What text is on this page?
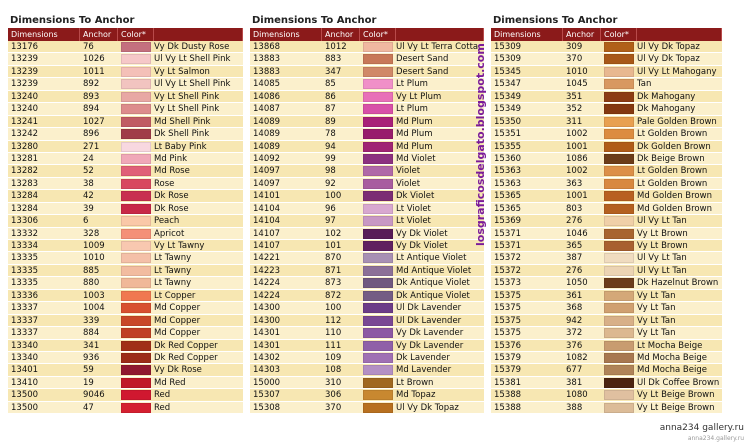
Dimensions To Anchor
Dimensions	Anchor	Color*
13176	76	Vy Dk Dusty Rose
13239	1026	Ul Vy Lt Shell Pink
13239	1011	Vy Lt Salmon
13239	892	Ul Vy Lt Shell Pink
13240	893	Vy Lt Shell Pink
13240	894	Vy Lt Shell Pink
13241	1027	Md Shell Pink
13242	896	Dk Shell Pink
13280	271	Lt Baby Pink
13281	24	Md Pink
13282	52	Md Rose
13283	38	Rose
13284	42	Dk Rose
13284	39	Dk Rose
13306	6	Peach
13332	328	Apricot
13334	1009	Vy Lt Tawny
13335	1010	Lt Tawny
13335	885	Lt Tawny
13335	880	Lt Tawny
13336	1003	Lt Copper
13337	1004	Md Copper
13337	339	Md Copper
13337	884	Md Copper
13340	341	Dk Red Copper
13340	936	Dk Red Copper
13401	59	Vy Dk Rose
13410	19	Md Red
13500	9046	Red
13500	47	Red
Dimensions To Anchor
Dimensions	Anchor	Color*
13868	1012	Ul Vy Lt Terra Cotta
13883	883	Desert Sand
13883	347	Desert Sand
14085	85	Lt Plum
14086	86	Vy Lt Plum
14087	87	Lt Plum
14089	89	Md Plum
14089	78	Md Plum
14089	94	Md Plum
14092	99	Md Violet
14097	98	Violet
14097	92	Violet
14101	100	Dk Violet
14104	96	Lt Violet
14104	97	Lt Violet
14107	102	Vy Dk Violet
14107	101	Vy Dk Violet
14221	870	Lt Antique Violet
14223	871	Md Antique Violet
14224	873	Dk Antique Violet
14224	872	Dk Antique Violet
14300	100	Ul Dk Lavender
14300	112	Ul Dk Lavender
14301	110	Vy Dk Lavender
14301	111	Vy Dk Lavender
14302	109	Dk Lavender
14303	108	Md Lavender
15000	310	Lt Brown
15307	306	Md Topaz
15308	370	Ul Vy Dk Topaz
Dimensions To Anchor
Dimensions	Anchor	Color*
15309	309	Ul Vy Dk Topaz
15309	370	Ul Vy Dk Topaz
15345	1010	Ul Vy Lt Mahogany
15347	1045	Tan
15349	351	Dk Mahogany
15349	352	Dk Mahogany
15350	311	Pale Golden Brown
15351	1002	Lt Golden Brown
15355	1001	Dk Golden Brown
15360	1086	Dk Beige Brown
15363	1002	Lt Golden Brown
15363	363	Lt Golden Brown
15365	1001	Md Golden Brown
15365	803	Md Golden Brown
15369	276	Ul Vy Lt Tan
15371	1046	Vy Lt Brown
15371	365	Vy Lt Brown
15372	387	Ul Vy Lt Tan
15372	276	Ul Vy Lt Tan
15373	1050	Dk Hazelnut Brown
15375	361	Vy Lt Tan
15375	368	Vy Lt Tan
15375	942	Vy Lt Tan
15375	372	Vy Lt Tan
15376	376	Lt Mocha Beige
15379	1082	Md Mocha Beige
15379	677	Md Mocha Beige
15381	381	Ul Dk Coffee Brown
15388	1080	Vy Lt Beige Brown
15388	388	Vy Lt Beige Brown
losgraficosdelgato.blogspot.com
anna234 gallery.ru
anna234.gallery.ru
